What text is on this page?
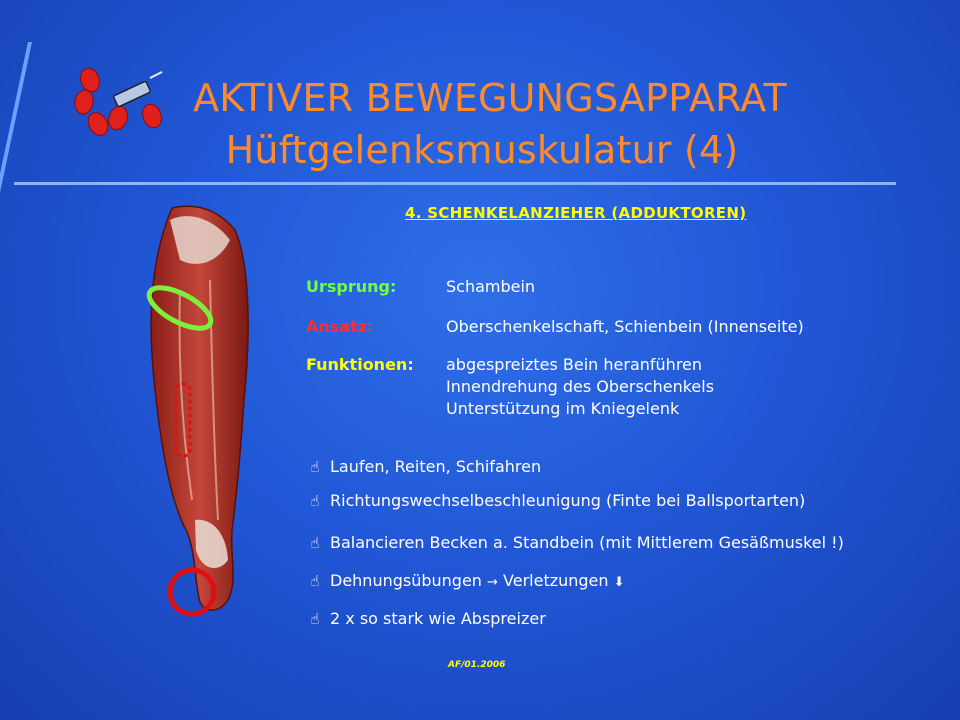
AKTIVER BEWEGUNGSAPPARAT
Hüftgelenksmuskulatur (4)
4. SCHENKELANZIEHER (ADDUKTOREN)
Ursprung:	Schambein
Ansatz:	Oberschenkelschaft, Schienbein (Innenseite)
Funktionen: abgespreiztes Bein heranführen
Innendrehung des Oberschenkels
Unterstützung im Kniegelenk
☝ Laufen, Reiten, Schifahren
☝ Richtungswechselbeschleunigung (Finte bei Ballsportarten)
☝ Balancieren Becken a. Standbein (mit Mittlerem Gesäßmuskel !)
☝ Dehnungsübungen → Verletzungen ⬇
☝ 2 x so stark wie Abspreizer
AF/01.2006
